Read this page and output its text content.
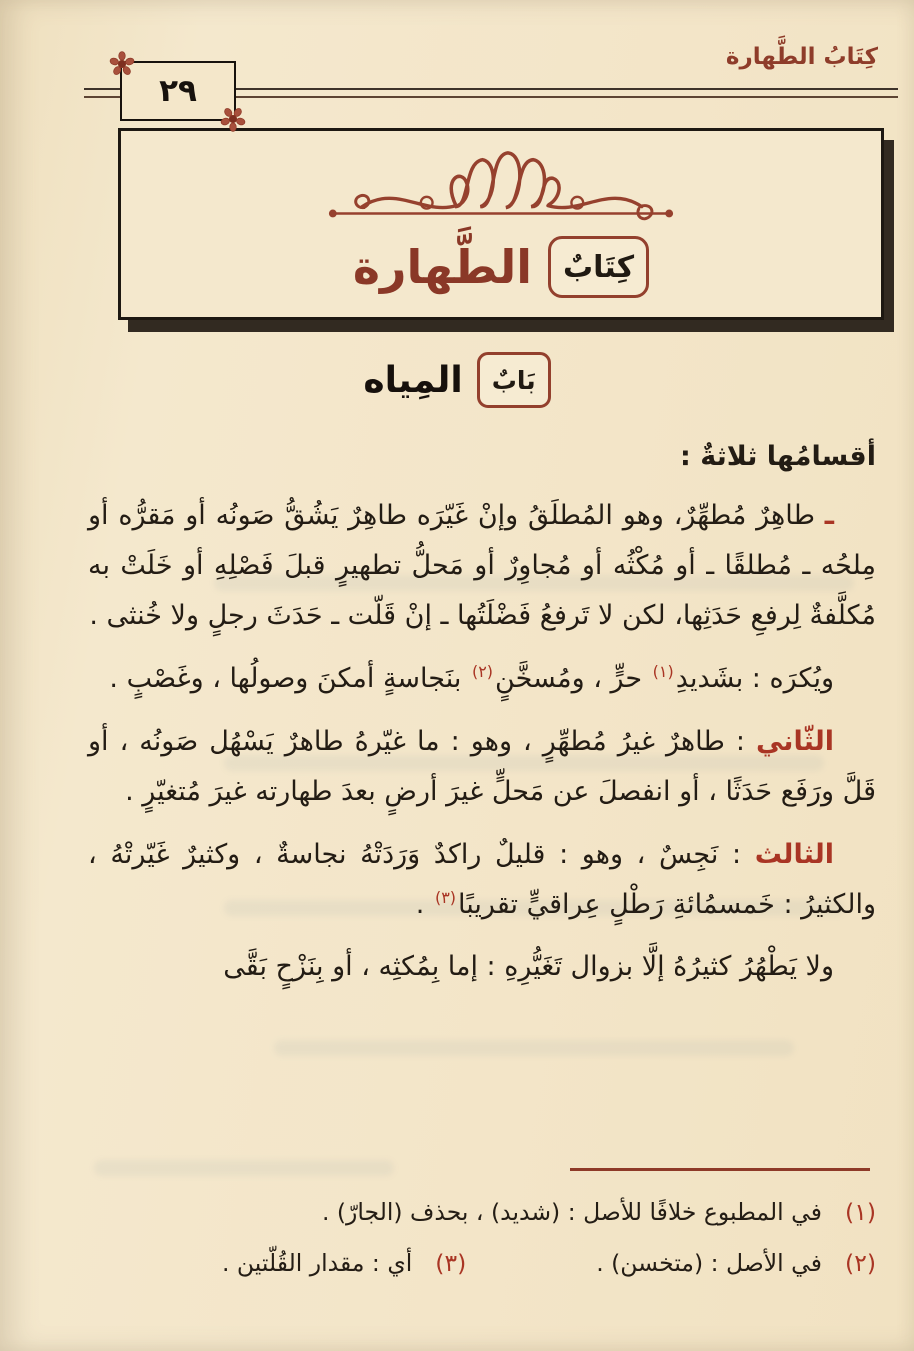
كِتَابُ الطَّهارة
٢٩
كِتَابٌ
الطَّهارة
بَابٌ
المِياه

أقسامُها ثلاثةٌ :

ـ طاهِرٌ مُطهِّرٌ، وهو المُطلَقُ وإنْ غَيّرَه طاهِرٌ يَشُقُّ صَونُه أو مَقرُّه أو مِلحُه ـ مُطلقًا ـ أو مُكْثُه أو مُجاوِرٌ أو مَحلُّ تطهيرٍ قبلَ فَصْلِهِ أو خَلَتْ به مُكلَّفةٌ لِرفعِ حَدَثِها، لكن لا تَرفعُ فَضْلَتُها ـ إنْ قَلّت ـ حَدَثَ رجلٍ ولا خُنثى .

ويُكرَه : بشَديدِ$^{(١)}$ حرٍّ ، ومُسخَّنٍ$^{(٢)}$ بنَجاسةٍ أمكنَ وصولُها ، وغَصْبٍ .

الثّاني : طاهرٌ غيرُ مُطهِّرٍ ، وهو : ما غيّرهُ طاهرٌ يَسْهُل صَونُه ، أو قَلَّ ورَفَع حَدَثًا ، أو انفصلَ عن مَحلٍّ غيرَ أرضٍ بعدَ طهارته غيرَ مُتغيّرٍ .

الثالث : نَجِسٌ ، وهو : قليلٌ راكدٌ وَرَدَتْهُ نجاسةٌ ، وكثيرٌ غَيّرتْهُ ، والكثيرُ : خَمسمُائةِ رَطْلٍ عِراقيٍّ تقريبًا$^{(٣)}$ .

ولا يَطْهُرُ كثيرُهُ إلَّا بزوال تَغَيُّرِهِ : إما بِمُكثِه ، أو بِنَزْحٍ بَقَّى

(١)
في المطبوع خلافًا للأصل : (شديد) ، بحذف (الجارّ) .
(٢)
في الأصل : (متخسن) .
(٣)
أي : مقدار القُلّتين .
